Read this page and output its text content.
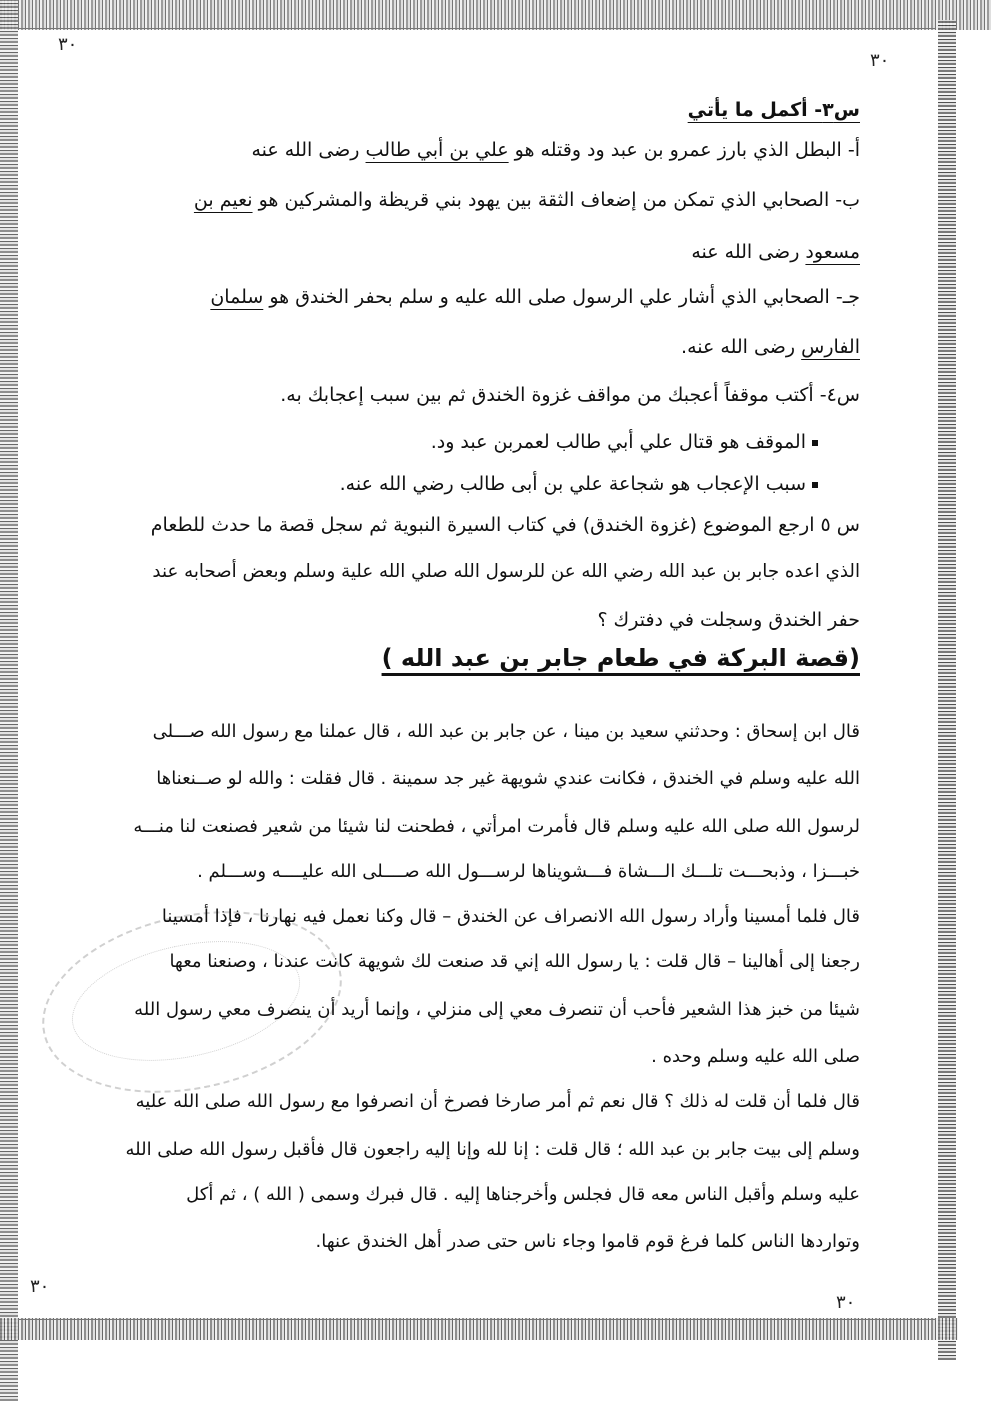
٣٠
٣٠
٣٠
٣٠
س٣- أكمل ما يأتي
أ- البطل الذي بارز عمرو بن عبد ود وقتله هو علي بن أبي طالب رضى الله عنه
ب- الصحابي الذي تمكن من إضعاف الثقة بين يهود بني قريظة والمشركين هو نعيم بن
مسعود رضى الله عنه
جـ- الصحابي الذي أشار علي الرسول صلى الله عليه و سلم بحفر الخندق هو سلمان
الفارس رضى الله عنه.
س٤- أكتب موقفاً أعجبك من مواقف غزوة الخندق ثم بين سبب إعجابك به.
الموقف هو قتال علي أبي طالب لعمربن عبد ود.
سبب الإعجاب هو شجاعة علي بن أبى طالب رضي الله عنه.
س ٥ ارجع الموضوع (غزوة الخندق) في كتاب السيرة النبوية ثم سجل قصة ما حدث للطعام
الذي اعده جابر بن عبد الله رضي الله عن للرسول الله صلي الله علية وسلم وبعض أصحابه عند
حفر الخندق وسجلت في دفترك ؟
(قصة البركة في طعام جابر بن عبد الله )
قال ابن إسحاق : وحدثني سعيد بن مينا ، عن جابر بن عبد الله ، قال عملنا مع رسول الله صـــلى
الله عليه وسلم في الخندق ، فكانت عندي شويهة غير جد سمينة . قال فقلت : والله لو صــنعناها
لرسول الله صلى الله عليه وسلم قال فأمرت امرأتي ، فطحنت لنا شيئا من شعير فصنعت لنا منـــه
خبـــزا ، وذبحـــت تلـــك الـــشاة فـــشويناها لرســـول الله صــــلى الله عليــــه وســـلم .
قال فلما أمسينا وأراد رسول الله الانصراف عن الخندق – قال وكنا نعمل فيه نهارنا ، فإذا أمسينا
رجعنا إلى أهالينا – قال قلت : يا رسول الله إني قد صنعت لك شويهة كانت عندنا ، وصنعنا معها
شيئا من خبز هذا الشعير فأحب أن تنصرف معي إلى منزلي ، وإنما أريد أن ينصرف معي رسول الله
صلى الله عليه وسلم وحده .
قال فلما أن قلت له ذلك ؟ قال نعم ثم أمر صارخا فصرخ أن انصرفوا مع رسول الله صلى الله عليه
وسلم إلى بيت جابر بن عبد الله ؛ قال قلت : إنا لله وإنا إليه راجعون قال فأقبل رسول الله صلى الله
عليه وسلم وأقبل الناس معه قال فجلس وأخرجناها إليه . قال فبرك وسمى ( الله ) ، ثم أكل
وتواردها الناس كلما فرغ قوم قاموا وجاء ناس حتى صدر أهل الخندق عنها.
